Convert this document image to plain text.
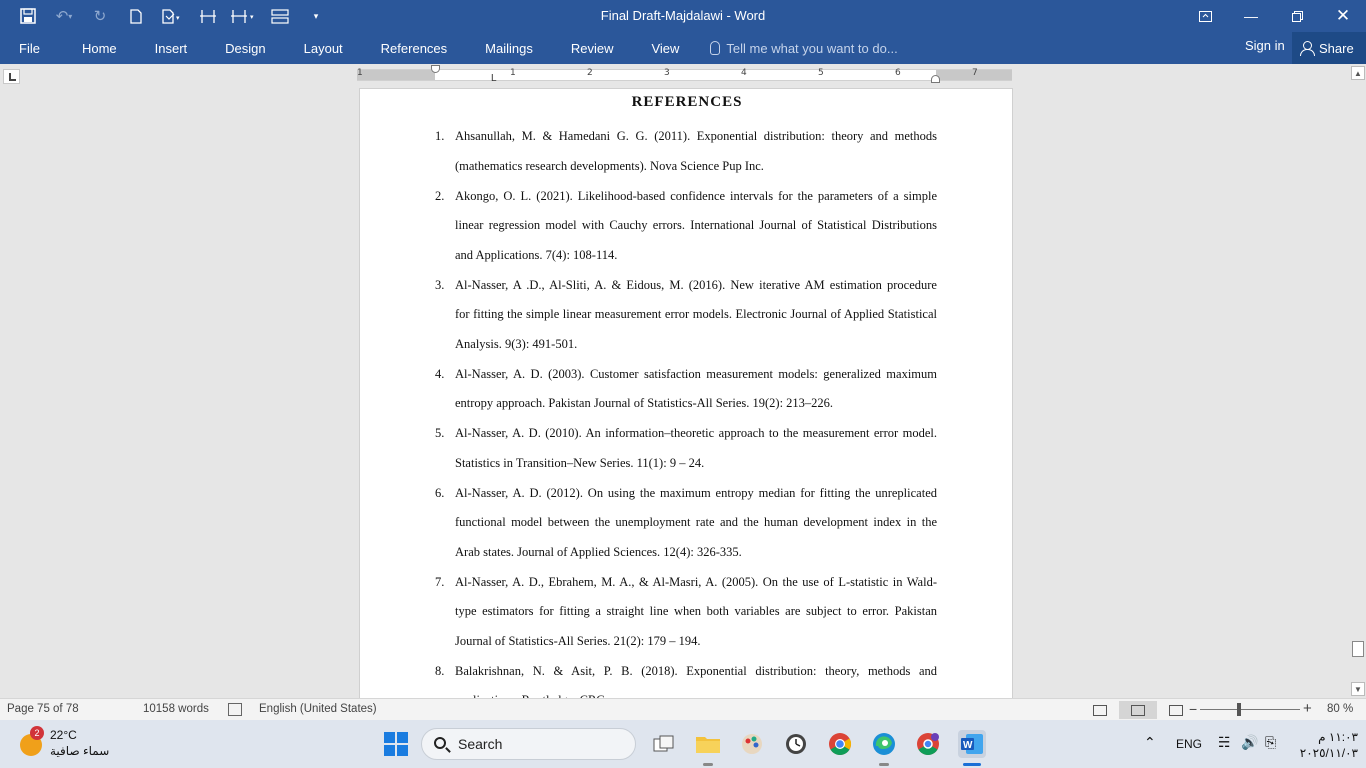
↶ ▾	↻	▾	▾	▾	Final Draft-Majdalawi - Word	—	✕
File	Home	Insert	Design	Layout	References	Mailings	Review	View	Tell me what you want to do...	Sign in	Share
1	1	2	3	4	5	6	7
L
REFERENCES
1. Ahsanullah, M. & Hamedani G. G. (2011). Exponential distribution: theory and methods
(mathematics research developments). Nova Science Pup Inc.
2. Akongo, O. L. (2021). Likelihood-based confidence intervals for the parameters of a simple
linear regression model with Cauchy errors. International Journal of Statistical Distributions
and Applications. 7(4): 108-114.
3. Al-Nasser, A .D., Al-Sliti, A. & Eidous, M. (2016). New iterative AM estimation procedure
for fitting the simple linear measurement error models. Electronic Journal of Applied Statistical
Analysis. 9(3): 491-501.
4. Al-Nasser, A. D. (2003). Customer satisfaction measurement models: generalized maximum
entropy approach. Pakistan Journal of Statistics-All Series. 19(2): 213–226.
5. Al-Nasser, A. D. (2010). An information–theoretic approach to the measurement error model.
Statistics in Transition–New Series. 11(1): 9 – 24.
6. Al-Nasser, A. D. (2012). On using the maximum entropy median for fitting the unreplicated
functional model between the unemployment rate and the human development index in the
Arab states. Journal of Applied Sciences. 12(4): 326-335.
7. Al-Nasser, A. D., Ebrahem, M. A., & Al-Masri, A. (2005). On the use of L-statistic in Wald-
type estimators for fitting a straight line when both variables are subject to error. Pakistan
Journal of Statistics-All Series. 21(2): 179 – 194.
8. Balakrishnan, N. & Asit, P. B. (2018). Exponential distribution: theory, methods and
▲
▼
Page 75 of 78	10158 words	English (United States)	−	+ 80 %
2 22°C
سماء صافية	Search	W	⌃ ENG ☵ 🔊 ⎘	١١:٠٣ م
٢٠٢٥/١١/٠٣
